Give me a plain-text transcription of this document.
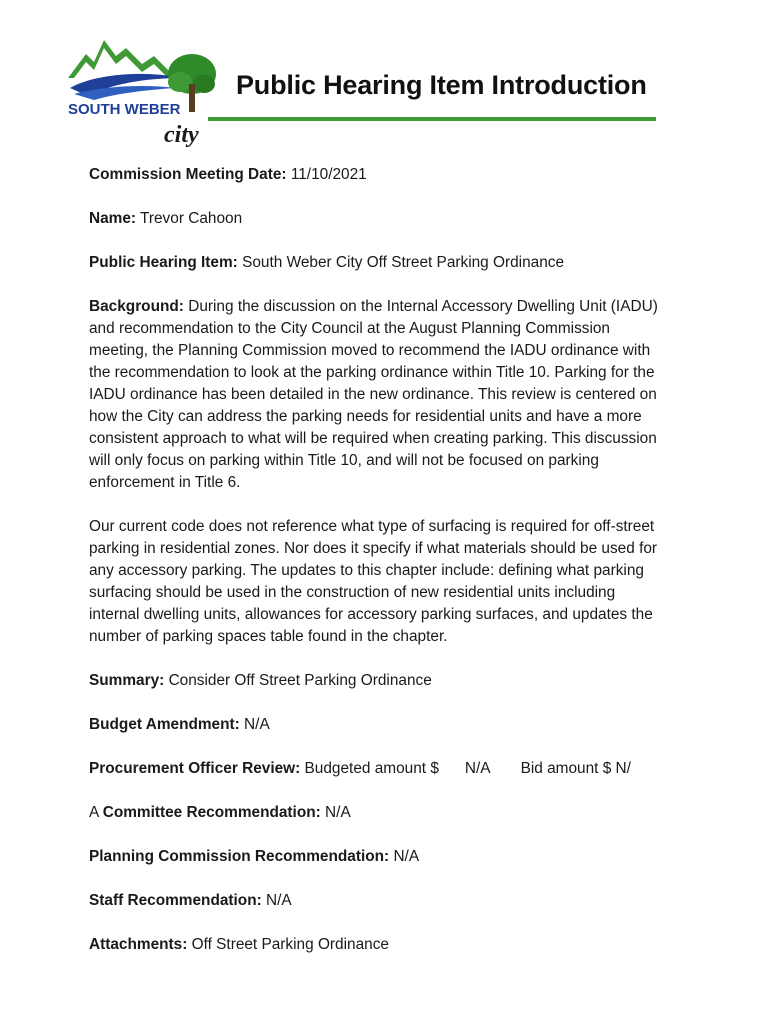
SOUTH WEBER
city
Public Hearing Item Introduction

Commission Meeting Date: 11/10/2021

Name: Trevor Cahoon

Public Hearing Item: South Weber City Off Street Parking Ordinance

Background: During the discussion on the Internal Accessory Dwelling Unit (IADU) and recommendation to the City Council at the August Planning Commission meeting, the Planning Commission moved to recommend the IADU ordinance with the recommendation to look at the parking ordinance within Title 10. Parking for the IADU ordinance has been detailed in the new ordinance. This review is centered on how the City can address the parking needs for residential units and have a more consistent approach to what will be required when creating parking. This discussion will only focus on parking within Title 10, and will not be focused on parking enforcement in Title 6.

Our current code does not reference what type of surfacing is required for off-street parking in residential zones. Nor does it specify if what materials should be used for any accessory parking. The updates to this chapter include: defining what parking surfacing should be used in the construction of new residential units including internal dwelling units, allowances for accessory parking surfaces, and updates the number of parking spaces table found in the chapter.

Summary: Consider Off Street Parking Ordinance

Budget Amendment: N/A

Procurement Officer Review: Budgeted amount $ N/A Bid amount $ N/

A Committee Recommendation: N/A

Planning Commission Recommendation: N/A

Staff Recommendation: N/A

Attachments: Off Street Parking Ordinance
